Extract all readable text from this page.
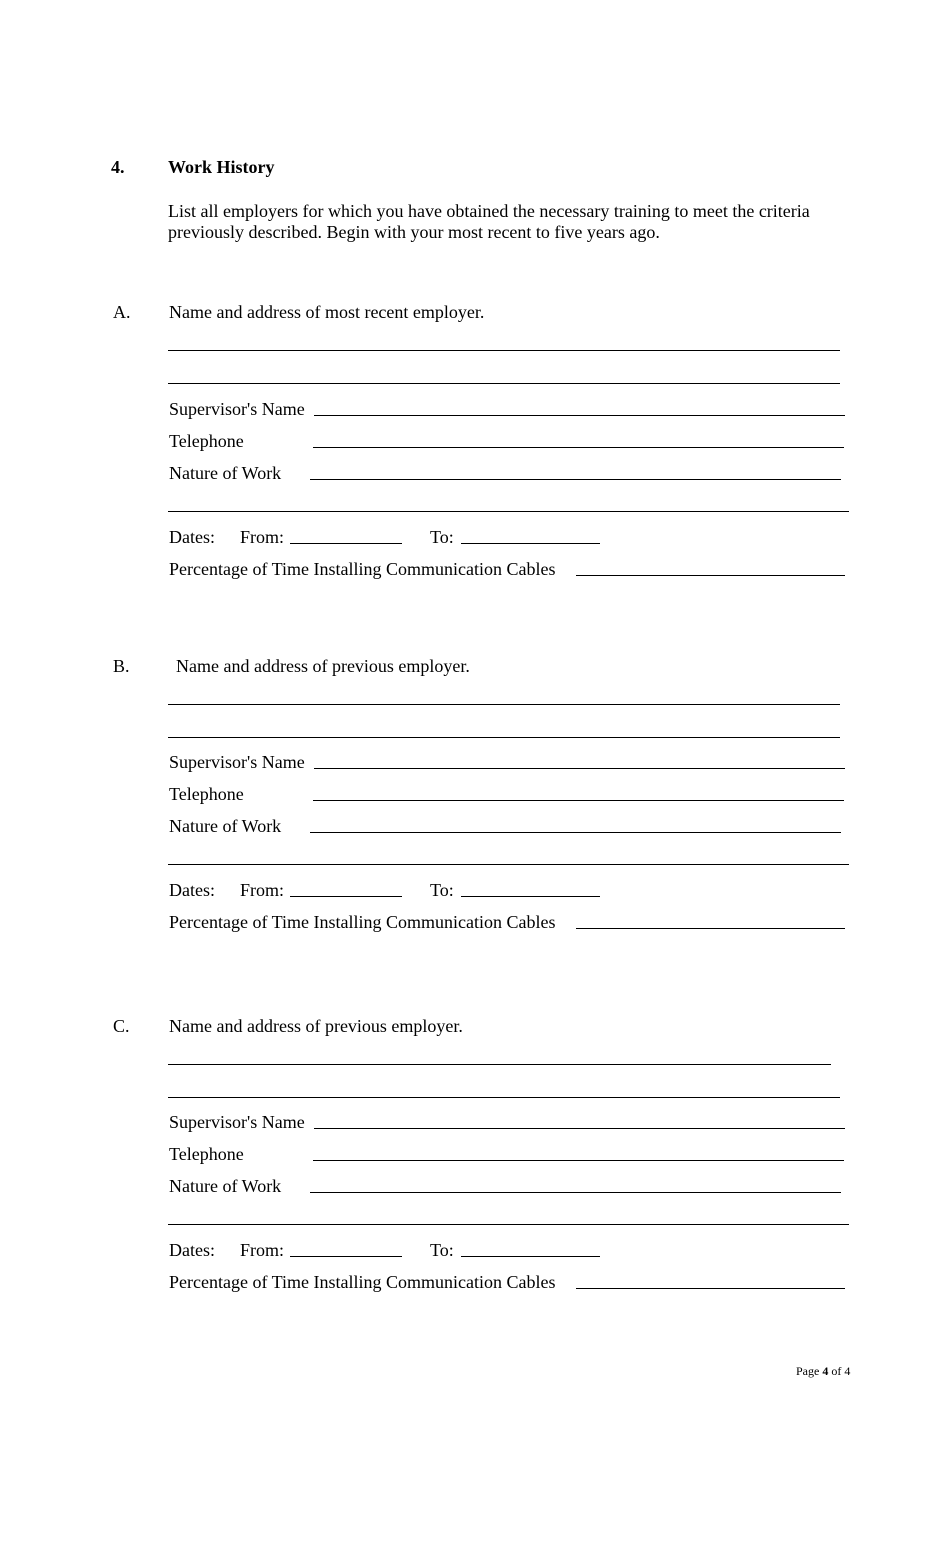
4. Work History
List all employers for which you have obtained the necessary training to meet the criteria previously described. Begin with your most recent to five years ago.
A. Name and address of most recent employer.
Supervisor's Name
Telephone
Nature of Work
Dates: From:	To:
Percentage of Time Installing Communication Cables
B.	Name and address of previous employer.
Supervisor's Name
Telephone
Nature of Work
Dates: From:	To:
Percentage of Time Installing Communication Cables
C. Name and address of previous employer.
Supervisor's Name
Telephone
Nature of Work
Dates: From:	To:
Percentage of Time Installing Communication Cables
Page 4 of 4
